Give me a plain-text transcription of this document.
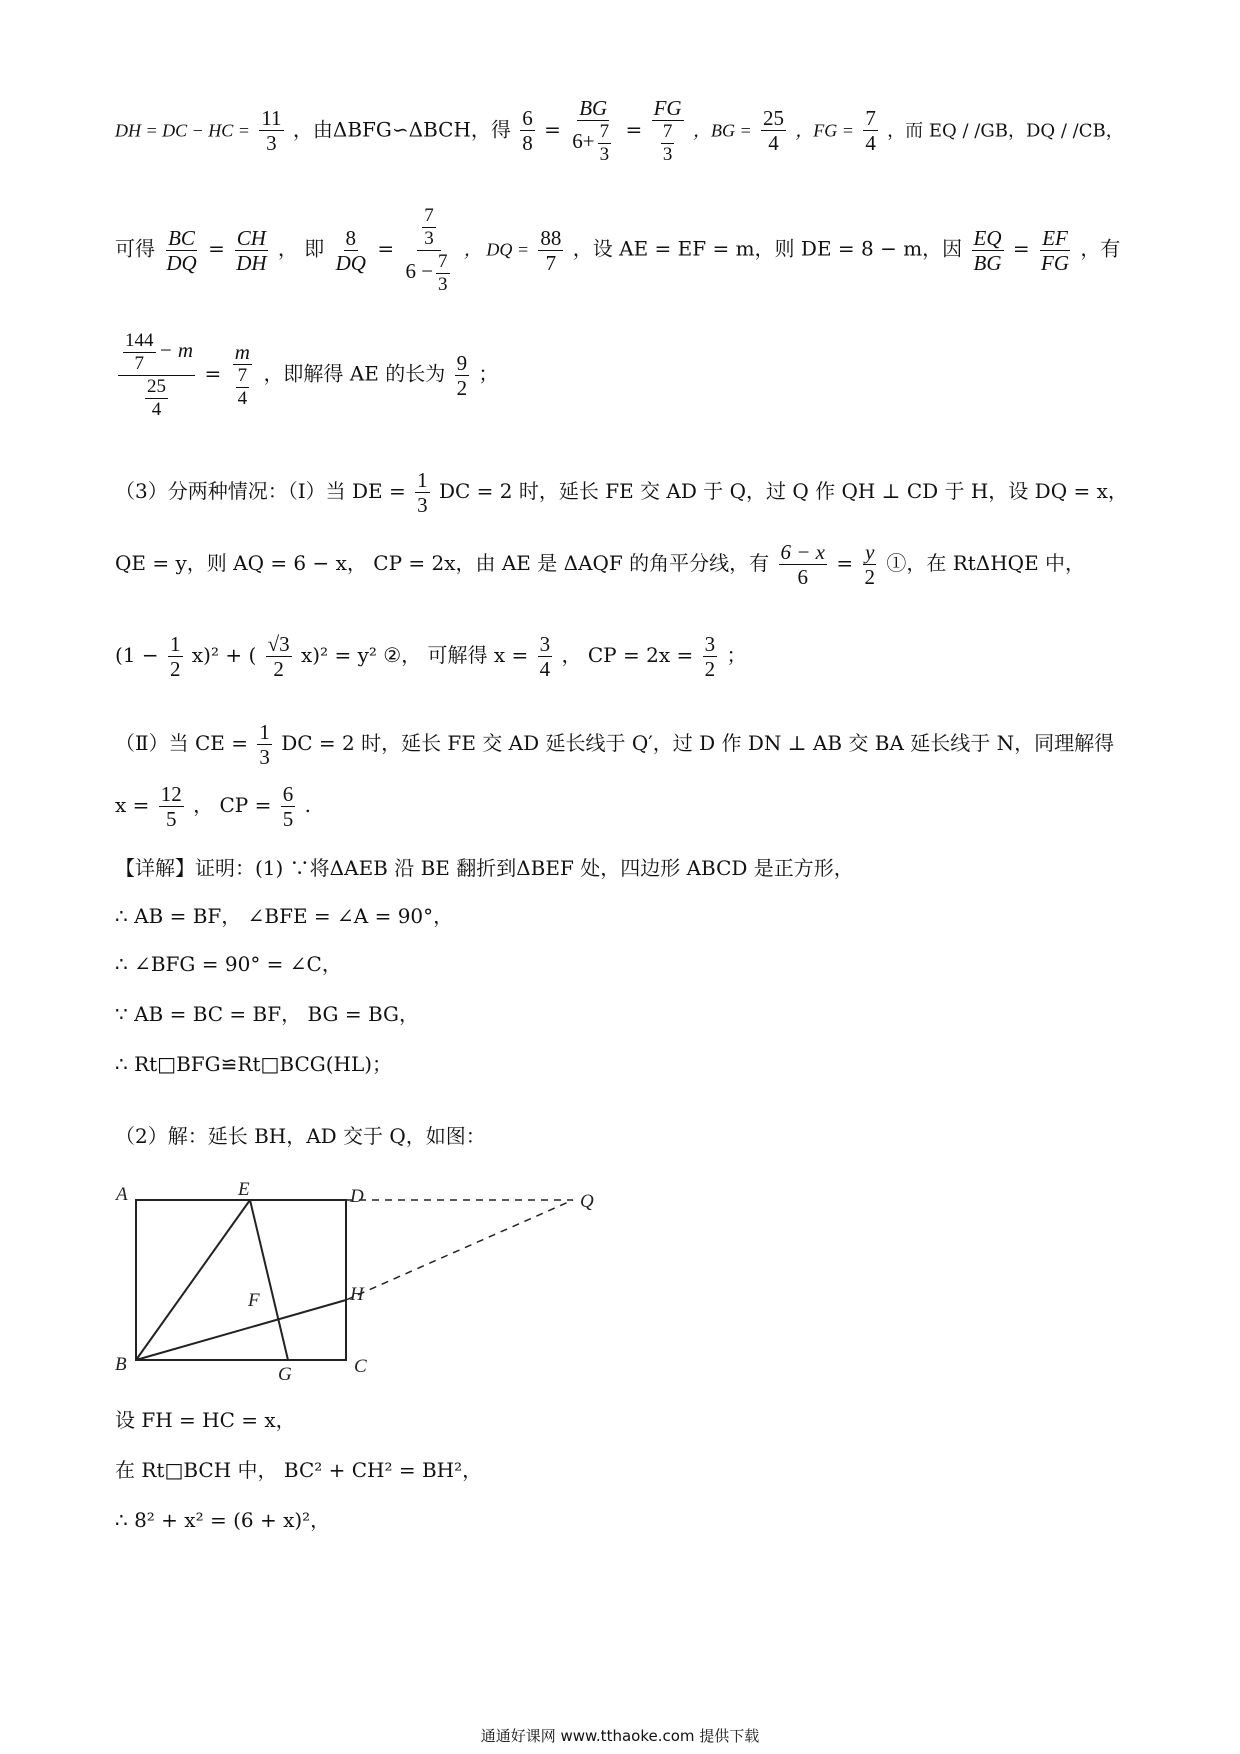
DH = DC − HC = $\frac{11}{3}$ ，由ΔBFG∽ΔBCH，得 $\frac{6}{8} = \frac{BG}{6+ \frac{7}{3}} = \frac{FG}{\frac{7}{3}}$ ，BG = $\frac{25}{4}$ ，FG = $\frac{7}{4}$ ，而 EQ / /GB，DQ / /CB，
可得 $\frac{BC}{DQ} = \frac{CH}{DH}$ ， 即 $\frac{8}{DQ} = \frac{\frac{7}{3}}{6 - \frac{7}{3}}$ ， DQ = $\frac{88}{7}$ ，设 AE = EF = m，则 DE = 8 − m，因 $\frac{EQ}{BG} = \frac{EF}{FG}$ ，有
$\frac{\frac{144}{7} - m}{\frac{25}{4}} = \frac{m}{\frac{7}{4}}$ ，即解得 AE 的长为 $\frac{9}{2}$ ；
（3）分两种情况：（Ⅰ）当 DE = $\frac{1}{3}$ DC = 2 时，延长 FE 交 AD 于 Q，过 Q 作 QH ⊥ CD 于 H，设 DQ = x，
QE = y，则 AQ = 6 − x， CP = 2x，由 AE 是 ΔAQF 的角平分线，有 $\frac{6 - x}{6} = \frac{y}{2}$ ①，在 RtΔHQE 中，
$(1 - \frac{1}{2} x)^2$ + ( $\frac{√3}{2} x)^2 = y^2$ ②， 可解得 $x = \frac{3}{4}$ ， CP = $2x = \frac{3}{2}$ ；
（Ⅱ）当 CE = $\frac{1}{3}$ DC = 2 时，延长 FE 交 AD 延长线于 Q′，过 D 作 DN ⊥ AB 交 BA 延长线于 N，同理解得
$x = \frac{12}{5}$ ， CP = $\frac{6}{5}$ .
【详解】证明：(1) ∵将ΔAEB 沿 BE 翻折到ΔBEF 处，四边形 ABCD 是正方形，
∴ AB = BF， ∠BFE = ∠A = 90°，
∴ ∠BFG = 90° = ∠C，
∵ AB = BC = BF， BG = BG，
∴ Rt□BFG≌Rt□BCG(HL)；
（2）解：延长 BH，AD 交于 Q，如图：
A	E	D	Q
F	H
B	G	C
设 FH = HC = x，
在 Rt□BCH 中， BC² + CH² = BH²，
∴ 8² + x² = (6 + x)²，
通通好课网 www.tthaoke.com 提供下载
